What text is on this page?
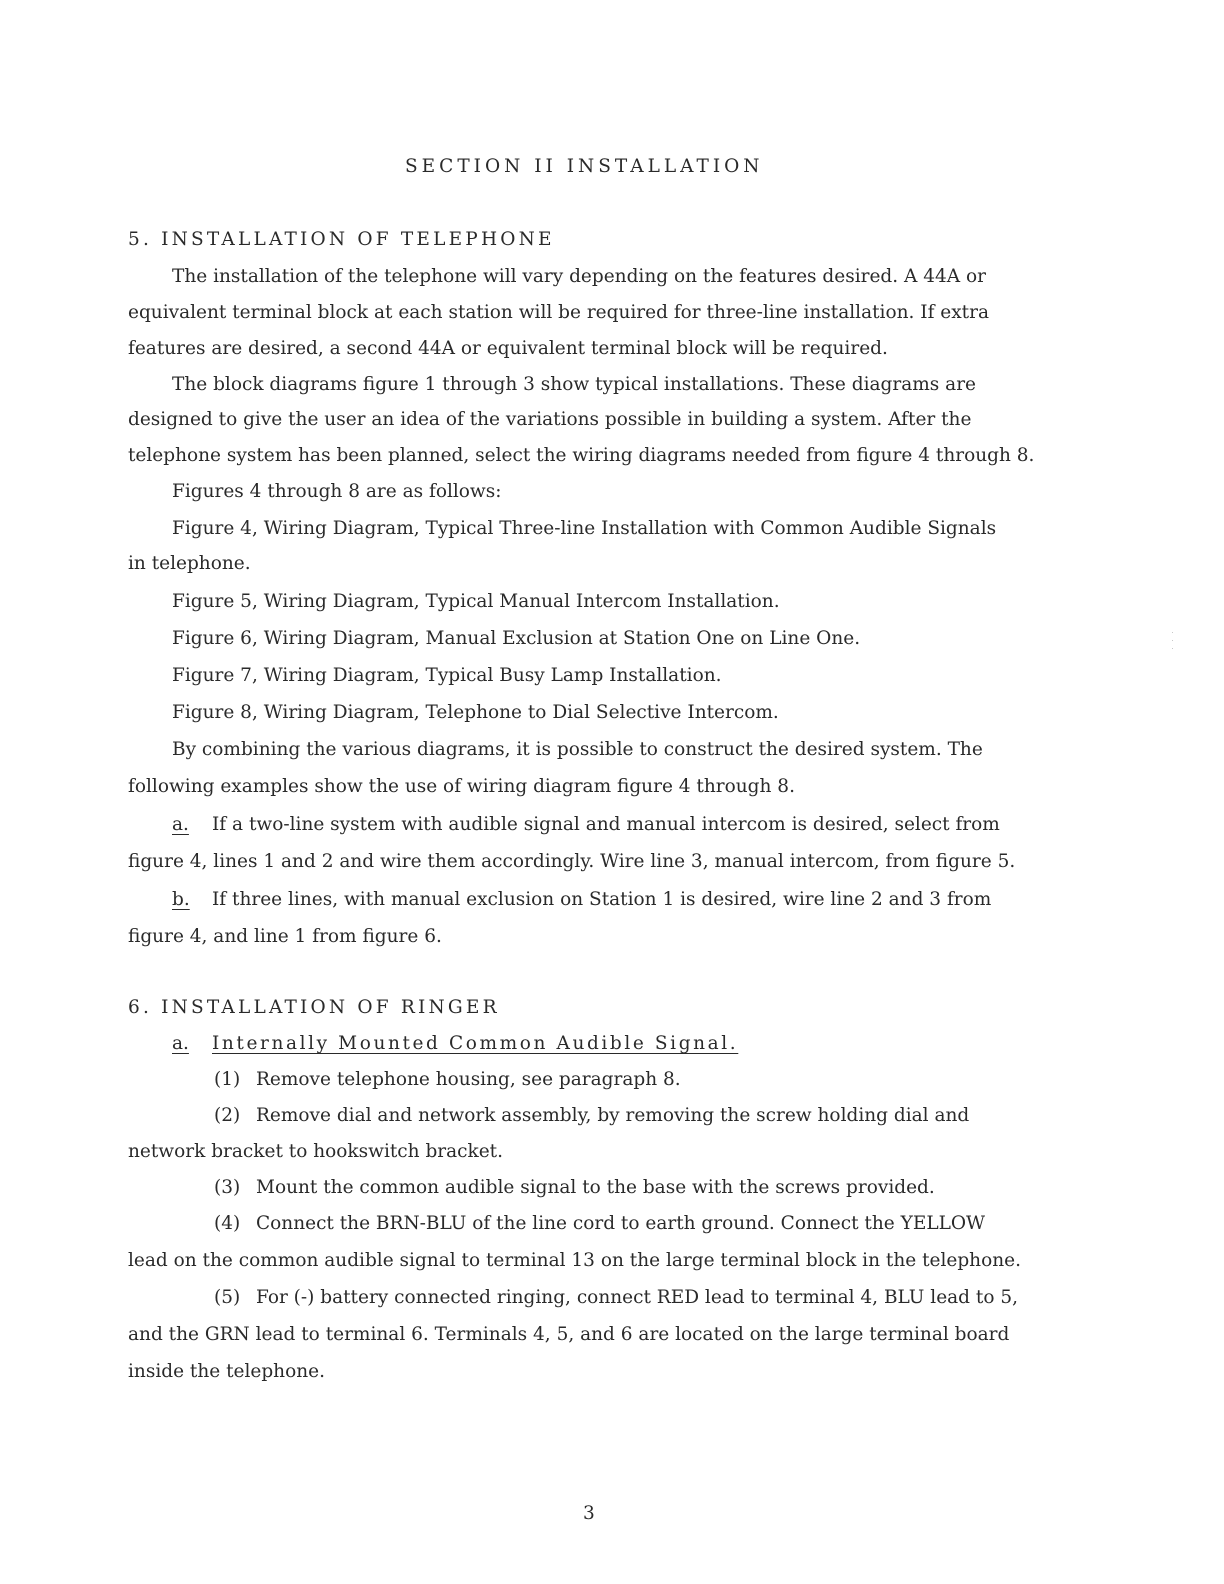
SECTION II INSTALLATION
5. INSTALLATION OF TELEPHONE
The installation of the telephone will vary depending on the features desired. A 44A or
equivalent terminal block at each station will be required for three-line installation. If extra
features are desired, a second 44A or equivalent terminal block will be required.
The block diagrams figure 1 through 3 show typical installations. These diagrams are
designed to give the user an idea of the variations possible in building a system. After the
telephone system has been planned, select the wiring diagrams needed from figure 4 through 8.
Figures 4 through 8 are as follows:
Figure 4, Wiring Diagram, Typical Three-line Installation with Common Audible Signals
in telephone.
Figure 5, Wiring Diagram, Typical Manual Intercom Installation.
Figure 6, Wiring Diagram, Manual Exclusion at Station One on Line One.
Figure 7, Wiring Diagram, Typical Busy Lamp Installation.
Figure 8, Wiring Diagram, Telephone to Dial Selective Intercom.
By combining the various diagrams, it is possible to construct the desired system. The
following examples show the use of wiring diagram figure 4 through 8.
a. If a two-line system with audible signal and manual intercom is desired, select from
figure 4, lines 1 and 2 and wire them accordingly. Wire line 3, manual intercom, from figure 5.
b. If three lines, with manual exclusion on Station 1 is desired, wire line 2 and 3 from
figure 4, and line 1 from figure 6.
6. INSTALLATION OF RINGER
a. Internally Mounted Common Audible Signal.
(1) Remove telephone housing, see paragraph 8.
(2) Remove dial and network assembly, by removing the screw holding dial and
network bracket to hookswitch bracket.
(3) Mount the common audible signal to the base with the screws provided.
(4) Connect the BRN-BLU of the line cord to earth ground. Connect the YELLOW
lead on the common audible signal to terminal 13 on the large terminal block in the telephone.
(5) For (-) battery connected ringing, connect RED lead to terminal 4, BLU lead to 5,
and the GRN lead to terminal 6. Terminals 4, 5, and 6 are located on the large terminal board
inside the telephone.
3
